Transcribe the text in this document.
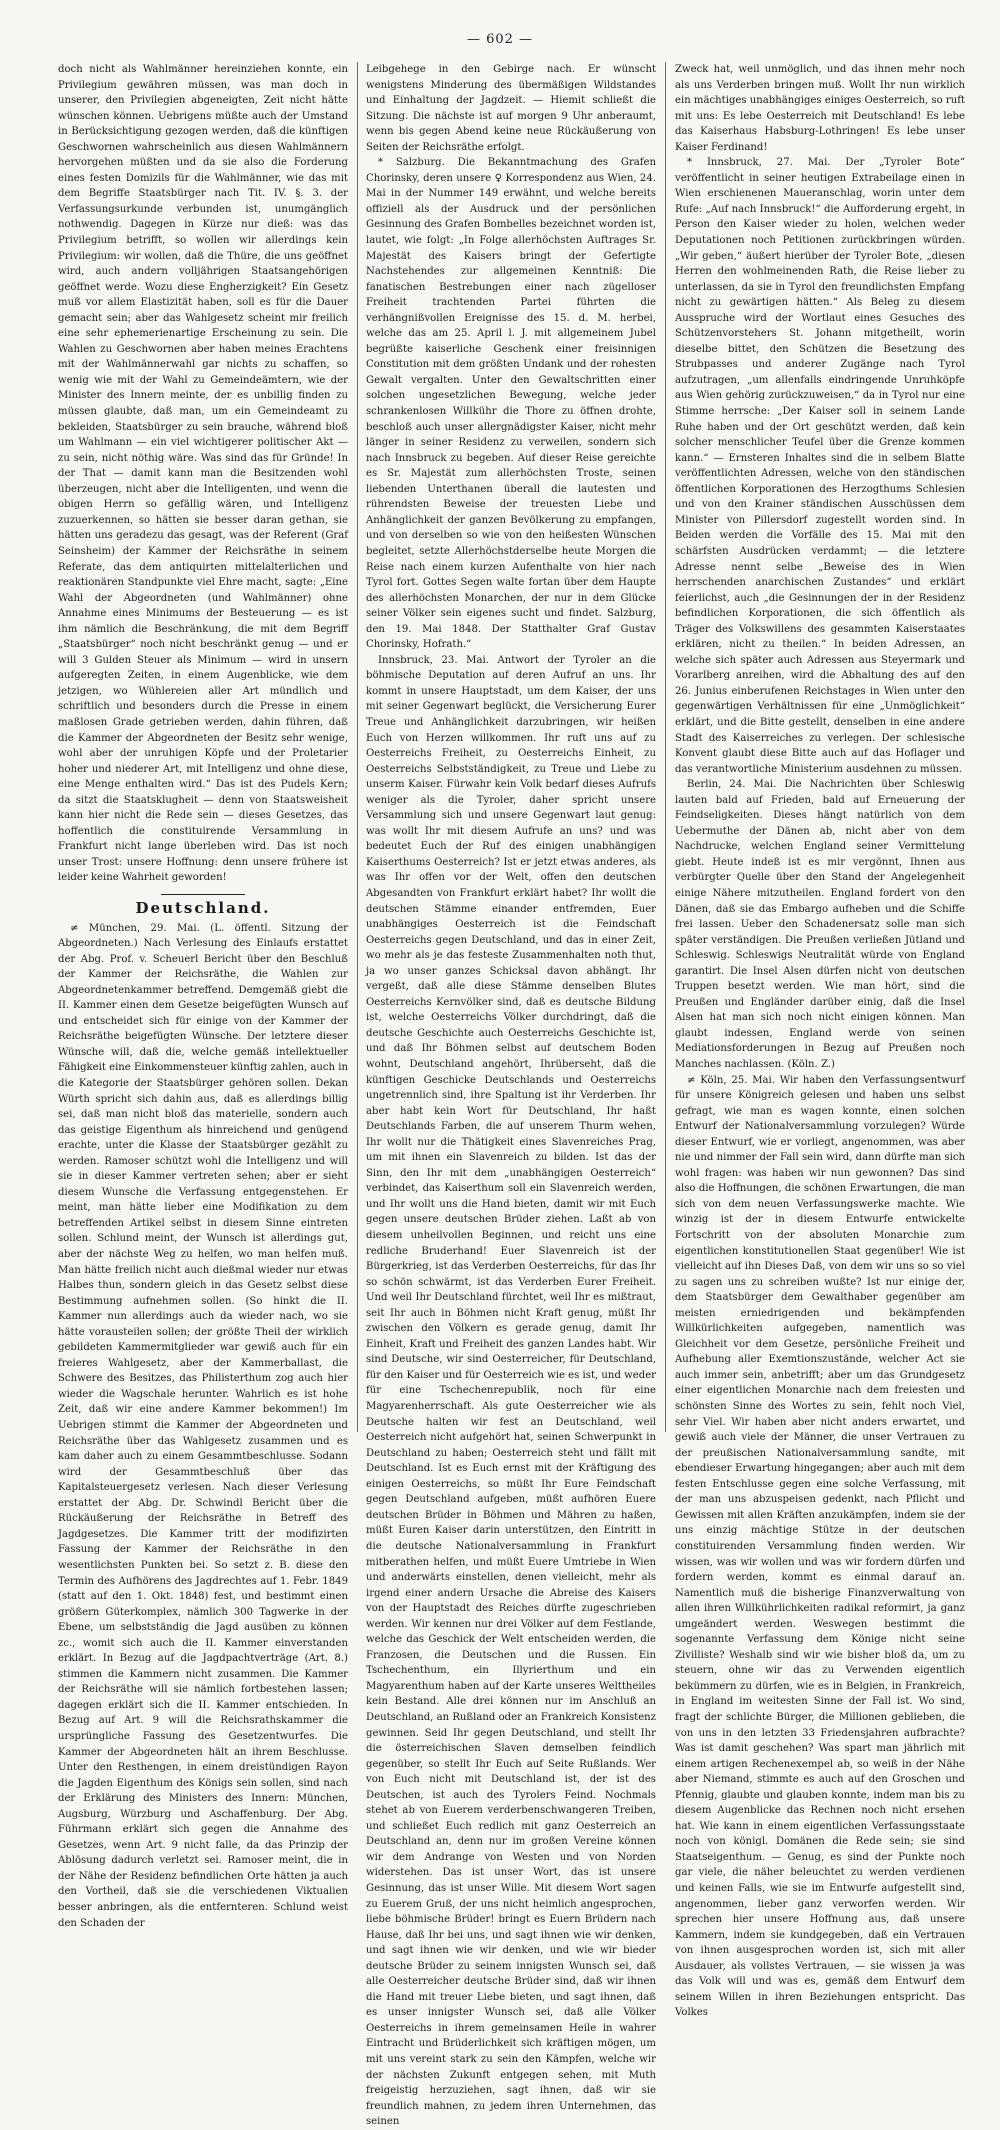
— 602 —

doch nicht als Wahlmänner hereinziehen konnte, ein Privilegium gewähren müssen, was man doch in unserer, den Privilegien abgeneigten, Zeit nicht hätte wünschen können. Uebrigens müßte auch der Umstand in Berücksichtigung gezogen werden, daß die künftigen Geschwornen wahrscheinlich aus diesen Wahlmännern hervorgehen müßten und da sie also die Forderung eines festen Domizils für die Wahlmänner, wie das mit dem Begriffe Staatsbürger nach Tit. IV. §. 3. der Verfassungsurkunde verbunden ist, unumgänglich nothwendig. Dagegen in Kürze nur dieß: was das Privilegium betrifft, so wollen wir allerdings kein Privilegium: wir wollen, daß die Thüre, die uns geöffnet wird, auch andern volljährigen Staatsangehörigen geöffnet werde. Wozu diese Engherzigkeit? Ein Gesetz muß vor allem Elastizität haben, soll es für die Dauer gemacht sein; aber das Wahlgesetz scheint mir freilich eine sehr ephemerienartige Erscheinung zu sein. Die Wahlen zu Geschwornen aber haben meines Erachtens mit der Wahlmännerwahl gar nichts zu schaffen, so wenig wie mit der Wahl zu Gemeindeämtern, wie der Minister des Innern meinte, der es unbillig finden zu müssen glaubte, daß man, um ein Gemeindeamt zu bekleiden, Staatsbürger zu sein brauche, während bloß um Wahlmann — ein viel wichtigerer politischer Akt — zu sein, nicht nöthig wäre. Was sind das für Gründe! In der That — damit kann man die Besitzenden wohl überzeugen, nicht aber die Intelligenten, und wenn die obigen Herrn so gefällig wären, und Intelligenz zuzuerkennen, so hätten sie besser daran gethan, sie hätten uns geradezu das gesagt, was der Referent (Graf Seinsheim) der Kammer der Reichsräthe in seinem Referate, das dem antiquirten mittelalterlichen und reaktionären Standpunkte viel Ehre macht, sagte: „Eine Wahl der Abgeordneten (und Wahlmänner) ohne Annahme eines Minimums der Besteuerung — es ist ihm nämlich die Beschränkung, die mit dem Begriff „Staatsbürger“ noch nicht beschränkt genug — und er will 3 Gulden Steuer als Minimum — wird in unsern aufgeregten Zeiten, in einem Augenblicke, wie dem jetzigen, wo Wühlereien aller Art mündlich und schriftlich und besonders durch die Presse in einem maßlosen Grade getrieben werden, dahin führen, daß die Kammer der Abgeordneten der Besitz sehr wenige, wohl aber der unruhigen Köpfe und der Proletarier hoher und niederer Art, mit Intelligenz und ohne diese, eine Menge enthalten wird.“ Das ist des Pudels Kern; da sitzt die Staatsklugheit — denn von Staatsweisheit kann hier nicht die Rede sein — dieses Gesetzes, das hoffentlich die constituirende Versammlung in Frankfurt nicht lange überleben wird. Das ist noch unser Trost: unsere Hoffnung: denn unsere frühere ist leider keine Wahrheit geworden!

Deutschland.

≠ München, 29. Mai. (L. öffentl. Sitzung der Abgeordneten.) Nach Verlesung des Einlaufs erstattet der Abg. Prof. v. Scheuerl Bericht über den Beschluß der Kammer der Reichsräthe, die Wahlen zur Abgeordnetenkammer betreffend. Demgemäß giebt die II. Kammer einen dem Gesetze beigefügten Wunsch auf und entscheidet sich für einige von der Kammer der Reichsräthe beigefügten Wünsche. Der letztere dieser Wünsche will, daß die, welche gemäß intellektueller Fähigkeit eine Einkommensteuer künftig zahlen, auch in die Kategorie der Staatsbürger gehören sollen. Dekan Würth spricht sich dahin aus, daß es allerdings billig sei, daß man nicht bloß das materielle, sondern auch das geistige Eigenthum als hinreichend und genügend erachte, unter die Klasse der Staatsbürger gezählt zu werden. Ramoser schützt wohl die Intelligenz und will sie in dieser Kammer vertreten sehen; aber er sieht diesem Wunsche die Verfassung entgegenstehen. Er meint, man hätte lieber eine Modifikation zu dem betreffenden Artikel selbst in diesem Sinne eintreten sollen. Schlund meint, der Wunsch ist allerdings gut, aber der nächste Weg zu helfen, wo man helfen muß. Man hätte freilich nicht auch dießmal wieder nur etwas Halbes thun, sondern gleich in das Gesetz selbst diese Bestimmung aufnehmen sollen. (So hinkt die II. Kammer nun allerdings auch da wieder nach, wo sie hätte vorausteilen sollen; der größte Theil der wirklich gebildeten Kammermitglieder war gewiß auch für ein freieres Wahlgesetz, aber der Kammerballast, die Schwere des Besitzes, das Philisterthum zog auch hier wieder die Wagschale herunter. Wahrlich es ist hohe Zeit, daß wir eine andere Kammer bekommen!) Im Uebrigen stimmt die Kammer der Abgeordneten und Reichsräthe über das Wahlgesetz zusammen und es kam daher auch zu einem Gesammtbeschlusse. Sodann wird der Gesammtbeschluß über das Kapitalsteuergesetz verlesen. Nach dieser Verlesung erstattet der Abg. Dr. Schwindl Bericht über die Rückäußerung der Reichsräthe in Betreff des Jagdgesetzes. Die Kammer tritt der modifizirten Fassung der Kammer der Reichsräthe in den wesentlichsten Punkten bei. So setzt z. B. diese den Termin des Aufhörens des Jagdrechtes auf 1. Febr. 1849 (statt auf den 1. Okt. 1848) fest, und bestimmt einen größern Güterkomplex, nämlich 300 Tagwerke in der Ebene, um selbstständig die Jagd ausüben zu können zc., womit sich auch die II. Kammer einverstanden erklärt. In Bezug auf die Jagdpachtverträge (Art. 8.) stimmen die Kammern nicht zusammen. Die Kammer der Reichsräthe will sie nämlich fortbestehen lassen; dagegen erklärt sich die II. Kammer entschieden. In Bezug auf Art. 9 will die Reichsrathskammer die ursprüngliche Fassung des Gesetzentwurfes. Die Kammer der Abgeordneten hält an ihrem Beschlusse. Unter den Resthengen, in einem dreistündigen Rayon die Jagden Eigenthum des Königs sein sollen, sind nach der Erklärung des Ministers des Innern: München, Augsburg, Würzburg und Aschaffenburg. Der Abg. Führmann erklärt sich gegen die Annahme des Gesetzes, wenn Art. 9 nicht falle, da das Prinzip der Ablösung dadurch verletzt sei. Ramoser meint, die in der Nähe der Residenz befindlichen Orte hätten ja auch den Vortheil, daß sie die verschiedenen Viktualien besser anbringen, als die entfernteren. Schlund weist den Schaden der

Leibgehege in den Gebirge nach. Er wünscht wenigstens Minderung des übermäßigen Wildstandes und Einhaltung der Jagdzeit. — Hiemit schließt die Sitzung. Die nächste ist auf morgen 9 Uhr anberaumt, wenn bis gegen Abend keine neue Rückäußerung von Seiten der Reichsräthe erfolgt.

* Salzburg. Die Bekanntmachung des Grafen Chorinsky, deren unsere ♀ Korrespondenz aus Wien, 24. Mai in der Nummer 149 erwähnt, und welche bereits offiziell als der Ausdruck und der persönlichen Gesinnung des Grafen Bombelles bezeichnet worden ist, lautet, wie folgt: „In Folge allerhöchsten Auftrages Sr. Majestät des Kaisers bringt der Gefertigte Nachstehendes zur allgemeinen Kenntniß: Die fanatischen Bestrebungen einer nach zügelloser Freiheit trachtenden Partei führten die verhängnißvollen Ereignisse des 15. d. M. herbei, welche das am 25. April l. J. mit allgemeinem Jubel begrüßte kaiserliche Geschenk einer freisinnigen Constitution mit dem größten Undank und der rohesten Gewalt vergalten. Unter den Gewaltschritten einer solchen ungesetzlichen Bewegung, welche jeder schrankenlosen Willkühr die Thore zu öffnen drohte, beschloß auch unser allergnädigster Kaiser, nicht mehr länger in seiner Residenz zu verweilen, sondern sich nach Innsbruck zu begeben. Auf dieser Reise gereichte es Sr. Majestät zum allerhöchsten Troste, seinen liebenden Unterthanen überall die lautesten und rührendsten Beweise der treuesten Liebe und Anhänglichkeit der ganzen Bevölkerung zu empfangen, und von derselben so wie von den heißesten Wünschen begleitet, setzte Allerhöchstderselbe heute Morgen die Reise nach einem kurzen Aufenthalte von hier nach Tyrol fort. Gottes Segen walte fortan über dem Haupte des allerhöchsten Monarchen, der nur in dem Glücke seiner Völker sein eigenes sucht und findet. Salzburg, den 19. Mai 1848. Der Statthalter Graf Gustav Chorinsky, Hofrath.“

Innsbruck, 23. Mai. Antwort der Tyroler an die böhmische Deputation auf deren Aufruf an uns. Ihr kommt in unsere Hauptstadt, um dem Kaiser, der uns mit seiner Gegenwart beglückt, die Versicherung Eurer Treue und Anhänglichkeit darzubringen, wir heißen Euch von Herzen willkommen. Ihr ruft uns auf zu Oesterreichs Freiheit, zu Oesterreichs Einheit, zu Oesterreichs Selbstständigkeit, zu Treue und Liebe zu unserm Kaiser. Fürwahr kein Volk bedarf dieses Aufrufs weniger als die Tyroler, daher spricht unsere Versammlung sich und unsere Gegenwart laut genug: was wollt Ihr mit diesem Aufrufe an uns? und was bedeutet Euch der Ruf des einigen unabhängigen Kaiserthums Oesterreich? Ist er jetzt etwas anderes, als was Ihr offen vor der Welt, offen den deutschen Abgesandten von Frankfurt erklärt habet? Ihr wollt die deutschen Stämme einander entfremden, Euer unabhängiges Oesterreich ist die Feindschaft Oesterreichs gegen Deutschland, und das in einer Zeit, wo mehr als je das festeste Zusammenhalten noth thut, ja wo unser ganzes Schicksal davon abhängt. Ihr vergeßt, daß alle diese Stämme denselben Blutes Oesterreichs Kernvölker sind, daß es deutsche Bildung ist, welche Oesterreichs Völker durchdringt, daß die deutsche Geschichte auch Oesterreichs Geschichte ist, und daß Ihr Böhmen selbst auf deutschem Boden wohnt, Deutschland angehört, Ihrüberseht, daß die künftigen Geschicke Deutschlands und Oesterreichs ungetrennlich sind, ihre Spaltung ist ihr Verderben. Ihr aber habt kein Wort für Deutschland, Ihr haßt Deutschlands Farben, die auf unserem Thurm wehen, Ihr wollt nur die Thätigkeit eines Slavenreiches Prag, um mit ihnen ein Slavenreich zu bilden. Ist das der Sinn, den Ihr mit dem „unabhängigen Oesterreich“ verbindet, das Kaiserthum soll ein Slavenreich werden, und Ihr wollt uns die Hand bieten, damit wir mit Euch gegen unsere deutschen Brüder ziehen. Laßt ab von diesem unheilvollen Beginnen, und reicht uns eine redliche Bruderhand! Euer Slavenreich ist der Bürgerkrieg, ist das Verderben Oesterreichs, für das Ihr so schön schwärmt, ist das Verderben Eurer Freiheit. Und weil Ihr Deutschland fürchtet, weil Ihr es mißtraut, seit Ihr auch in Böhmen nicht Kraft genug, müßt Ihr zwischen den Völkern es gerade genug, damit Ihr Einheit, Kraft und Freiheit des ganzen Landes habt. Wir sind Deutsche, wir sind Oesterreicher, für Deutschland, für den Kaiser und für Oesterreich wie es ist, und weder für eine Tschechenrepublik, noch für eine Magyarenherrschaft. Als gute Oesterreicher wie als Deutsche halten wir fest an Deutschland, weil Oesterreich nicht aufgehört hat, seinen Schwerpunkt in Deutschland zu haben; Oesterreich steht und fällt mit Deutschland. Ist es Euch ernst mit der Kräftigung des einigen Oesterreichs, so müßt Ihr Eure Feindschaft gegen Deutschland aufgeben, müßt aufhören Euere deutschen Brüder in Böhmen und Mähren zu haßen, müßt Euren Kaiser darin unterstützen, den Eintritt in die deutsche Nationalversammlung in Frankfurt mitberathen helfen, und müßt Euere Umtriebe in Wien und anderwärts einstellen, denen vielleicht, mehr als irgend einer andern Ursache die Abreise des Kaisers von der Hauptstadt des Reiches dürfte zugeschrieben werden. Wir kennen nur drei Völker auf dem Festlande, welche das Geschick der Welt entscheiden werden, die Franzosen, die Deutschen und die Russen. Ein Tschechenthum, ein Illyrierthum und ein Magyarenthum haben auf der Karte unseres Welttheiles kein Bestand. Alle drei können nur im Anschluß an Deutschland, an Rußland oder an Frankreich Konsistenz gewinnen. Seid Ihr gegen Deutschland, und stellt Ihr die österreichischen Slaven demselben feindlich gegenüber, so stellt Ihr Euch auf Seite Rußlands. Wer von Euch nicht mit Deutschland ist, der ist des Deutschen, ist auch des Tyrolers Feind. Nochmals stehet ab von Euerem verderbenschwangeren Treiben, und schließet Euch redlich mit ganz Oesterreich an Deutschland an, denn nur im großen Vereine können wir dem Andrange von Westen und von Norden widerstehen. Das ist unser Wort, das ist unsere Gesinnung, das ist unser Wille. Mit diesem Wort sagen zu Euerem Gruß, der uns nicht heimlich angesprochen, liebe böhmische Brüder! bringt es Euern Brüdern nach Hause, daß Ihr bei uns, und sagt ihnen wie wir denken, und sagt ihnen wie wir denken, und wie wir bieder deutsche Brüder zu seinem innigsten Wunsch sei, daß alle Oesterreicher deutsche Brüder sind, daß wir ihnen die Hand mit treuer Liebe bieten, und sagt ihnen, daß es unser innigster Wunsch sei, daß alle Völker Oesterreichs in ihrem gemeinsamen Heile in wahrer Eintracht und Brüderlichkeit sich kräftigen mögen, um mit uns vereint stark zu sein den Kämpfen, welche wir der nächsten Zukunft entgegen sehen, mit Muth freigeistig herzuziehen, sagt ihnen, daß wir sie freundlich mahnen, zu jedem ihren Unternehmen, das seinen

Zweck hat, weil unmöglich, und das ihnen mehr noch als uns Verderben bringen muß. Wollt Ihr nun wirklich ein mächtiges unabhängiges einiges Oesterreich, so ruft mit uns: Es lebe Oesterreich mit Deutschland! Es lebe das Kaiserhaus Habsburg-Lothringen! Es lebe unser Kaiser Ferdinand!

* Innsbruck, 27. Mai. Der „Tyroler Bote“ veröffentlicht in seiner heutigen Extrabeilage einen in Wien erschienenen Maueranschlag, worin unter dem Rufe: „Auf nach Innsbruck!“ die Aufforderung ergeht, in Person den Kaiser wieder zu holen, welchen weder Deputationen noch Petitionen zurückbringen würden. „Wir geben,“ äußert hierüber der Tyroler Bote, „diesen Herren den wohlmeinenden Rath, die Reise lieber zu unterlassen, da sie in Tyrol den freundlichsten Empfang nicht zu gewärtigen hätten.“ Als Beleg zu diesem Ausspruche wird der Wortlaut eines Gesuches des Schützenvorstehers St. Johann mitgetheilt, worin dieselbe bittet, den Schützen die Besetzung des Strubpasses und anderer Zugänge nach Tyrol aufzutragen, „um allenfalls eindringende Unruhköpfe aus Wien gehörig zurückzuweisen,“ da in Tyrol nur eine Stimme herrsche: „Der Kaiser soll in seinem Lande Ruhe haben und der Ort geschützt werden, daß kein solcher menschlicher Teufel über die Grenze kommen kann.“ — Ernsteren Inhaltes sind die in selbem Blatte veröffentlichten Adressen, welche von den ständischen öffentlichen Korporationen des Herzogthums Schlesien und von den Krainer ständischen Ausschüssen dem Minister von Pillersdorf zugestellt worden sind. In Beiden werden die Vorfälle des 15. Mai mit den schärfsten Ausdrücken verdammt; — die letztere Adresse nennt selbe „Beweise des in Wien herrschenden anarchischen Zustandes“ und erklärt feierlichst, auch „die Gesinnungen der in der Residenz befindlichen Korporationen, die sich öffentlich als Träger des Volkswillens des gesammten Kaiserstaates erklären, nicht zu theilen.“ In beiden Adressen, an welche sich später auch Adressen aus Steyermark und Vorarlberg anreihen, wird die Abhaltung des auf den 26. Junius einberufenen Reichstages in Wien unter den gegenwärtigen Verhältnissen für eine „Unmöglichkeit“ erklärt, und die Bitte gestellt, denselben in eine andere Stadt des Kaiserreiches zu verlegen. Der schlesische Konvent glaubt diese Bitte auch auf das Hoflager und das verantwortliche Ministerium ausdehnen zu müssen.

Berlin, 24. Mai. Die Nachrichten über Schleswig lauten bald auf Frieden, bald auf Erneuerung der Feindseligkeiten. Dieses hängt natürlich von dem Uebermuthe der Dänen ab, nicht aber von dem Nachdrucke, welchen England seiner Vermittelung giebt. Heute indeß ist es mir vergönnt, Ihnen aus verbürgter Quelle über den Stand der Angelegenheit einige Nähere mitzutheilen. England fordert von den Dänen, daß sie das Embargo aufheben und die Schiffe frei lassen. Ueber den Schadenersatz solle man sich später verständigen. Die Preußen verließen Jütland und Schleswig. Schleswigs Neutralität würde von England garantirt. Die Insel Alsen dürfen nicht von deutschen Truppen besetzt werden. Wie man hört, sind die Preußen und Engländer darüber einig, daß die Insel Alsen hat man sich noch nicht einigen können. Man glaubt indessen, England werde von seinen Mediationsforderungen in Bezug auf Preußen noch Manches nachlassen. (Köln. Z.)

≠ Köln, 25. Mai. Wir haben den Verfassungsentwurf für unsere Königreich gelesen und haben uns selbst gefragt, wie man es wagen konnte, einen solchen Entwurf der Nationalversammlung vorzulegen? Würde dieser Entwurf, wie er vorliegt, angenommen, was aber nie und nimmer der Fall sein wird, dann dürfte man sich wohl fragen: was haben wir nun gewonnen? Das sind also die Hoffnungen, die schönen Erwartungen, die man sich von dem neuen Verfassungswerke machte. Wie winzig ist der in diesem Entwurfe entwickelte Fortschritt von der absoluten Monarchie zum eigentlichen konstitutionellen Staat gegenüber! Wie ist vielleicht auf ihn Dieses Daß, von dem wir uns so so viel zu sagen uns zu schreiben wußte? Ist nur einige der, dem Staatsbürger dem Gewalthaber gegenüber am meisten erniedrigenden und bekämpfenden Willkürlichkeiten aufgegeben, namentlich was Gleichheit vor dem Gesetze, persönliche Freiheit und Aufhebung aller Exemtionszustände, welcher Act sie auch immer sein, anbetrifft; aber um das Grundgesetz einer eigentlichen Monarchie nach dem freiesten und schönsten Sinne des Wortes zu sein, fehlt noch Viel, sehr Viel. Wir haben aber nicht anders erwartet, und gewiß auch viele der Männer, die unser Vertrauen zu der preußischen Nationalversammlung sandte, mit ebendieser Erwartung hingegangen; aber auch mit dem festen Entschlusse gegen eine solche Verfassung, mit der man uns abzuspeisen gedenkt, nach Pflicht und Gewissen mit allen Kräften anzukämpfen, indem sie der uns einzig mächtige Stütze in der deutschen constituirenden Versammlung finden werden. Wir wissen, was wir wollen und was wir fordern dürfen und fordern werden, kommt es einmal darauf an. Namentlich muß die bisherige Finanzverwaltung von allen ihren Willkührlichkeiten radikal reformirt, ja ganz umgeändert werden. Weswegen bestimmt die sogenannte Verfassung dem Könige nicht seine Zivilliste? Weshalb sind wir wie bisher bloß da, um zu steuern, ohne wir das zu Verwenden eigentlich bekümmern zu dürfen, wie es in Belgien, in Frankreich, in England im weitesten Sinne der Fall ist. Wo sind, fragt der schlichte Bürger, die Millionen geblieben, die von uns in den letzten 33 Friedensjahren aufbrachte? Was ist damit geschehen? Was spart man jährlich mit einem artigen Rechenexempel ab, so weiß in der Nähe aber Niemand, stimmte es auch auf den Groschen und Pfennig, glaubte und glauben konnte, indem man bis zu diesem Augenblicke das Rechnen noch nicht ersehen hat. Wie kann in einem eigentlichen Verfassungsstaate noch von königl. Domänen die Rede sein; sie sind Staatseigenthum. — Genug, es sind der Punkte noch gar viele, die näher beleuchtet zu werden verdienen und keinen Falls, wie sie im Entwurfe aufgestellt sind, angenommen, lieber ganz verworfen werden. Wir sprechen hier unsere Hoffnung aus, daß unsere Kammern, indem sie kundgegeben, daß ein Vertrauen von ihnen ausgesprochen worden ist, sich mit aller Ausdauer, als vollstes Vertrauen, — sie wissen ja was das Volk will und was es, gemäß dem Entwurf dem seinem Willen in ihren Beziehungen entspricht. Das Volkes
